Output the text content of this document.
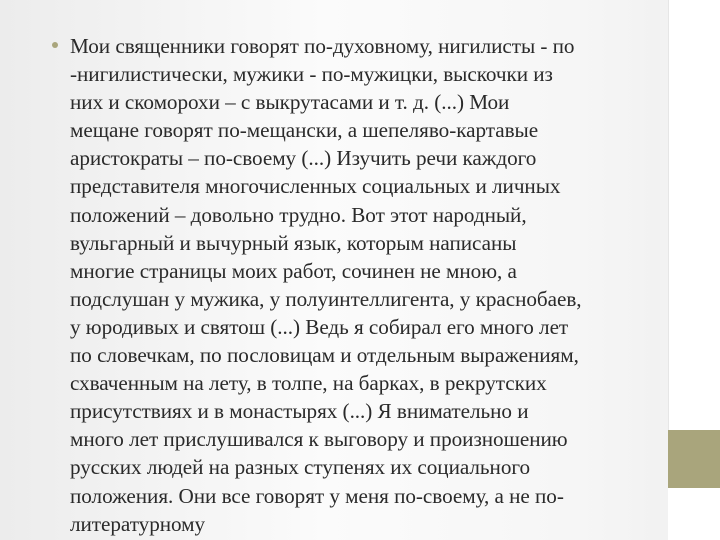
Мои священники говорят по-духовному, нигилисты - по
-нигилистически, мужики - по-мужицки, выскочки из
них и скоморохи – с выкрутасами и т. д. (...) Мои
мещане говорят по-мещански, а шепеляво-картавые
аристократы – по-своему (...) Изучить речи каждого
представителя многочисленных социальных и личных
положений – довольно трудно. Вот этот народный,
вульгарный и вычурный язык, которым написаны
многие страницы моих работ, сочинен не мною, а
подслушан у мужика, у полуинтеллигента, у краснобаев,
у юродивых и святош (...) Ведь я собирал его много лет
по словечкам, по пословицам и отдельным выражениям,
схваченным на лету, в толпе, на барках, в рекрутских
присутствиях и в монастырях (...) Я внимательно и
много лет прислушивался к выговору и произношению
русских людей на разных ступенях их социального
положения. Они все говорят у меня по-своему, а не по-
литературному
